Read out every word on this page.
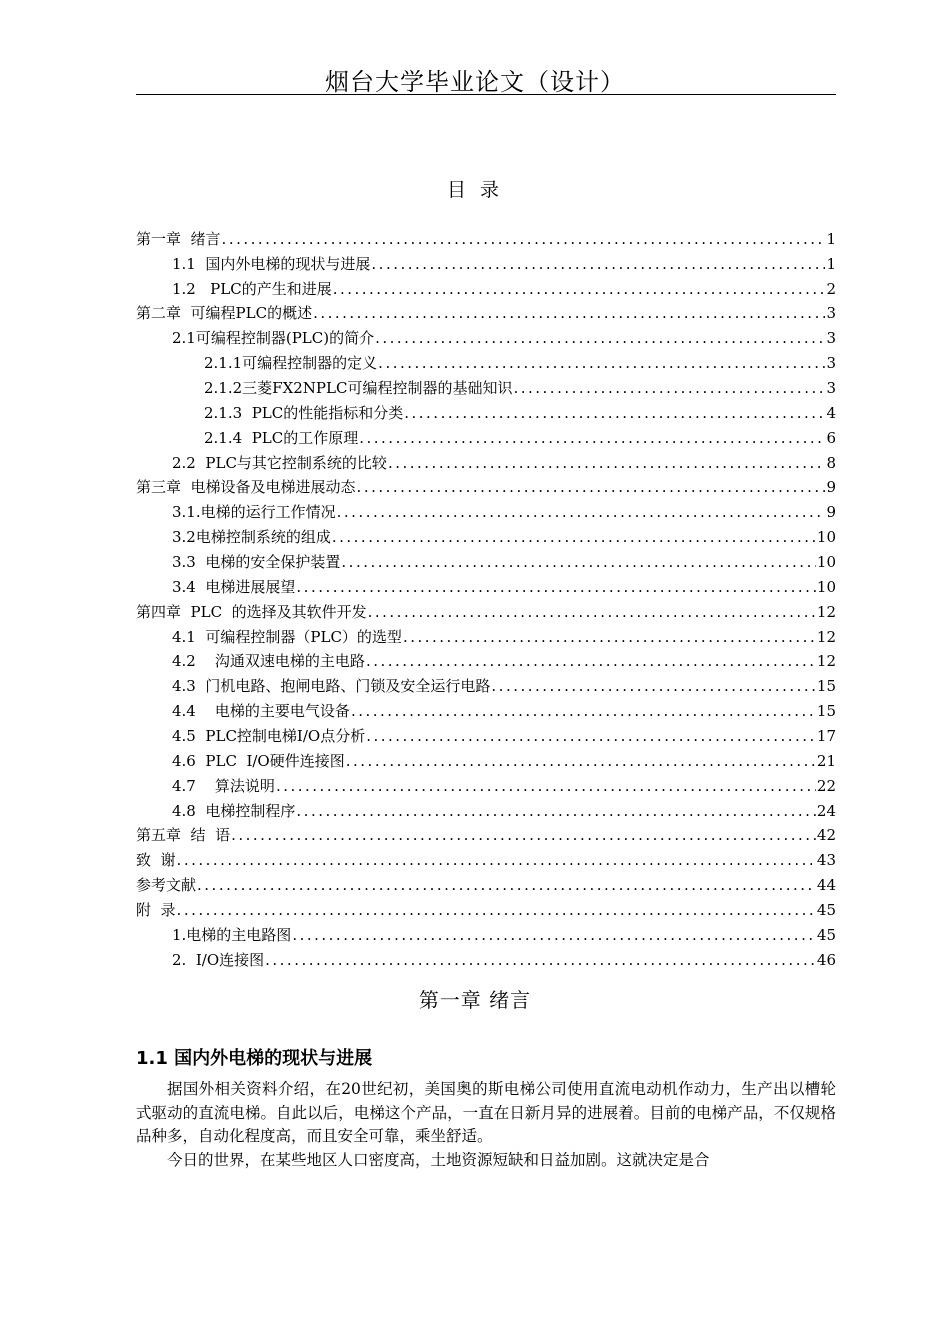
烟台大学毕业论文（设计）
目 录
第一章  绪言 .....	1
1.1  国内外电梯的现状与进展 .....	1
1.2   PLC的产生和进展 .....	2
第二章  可编程PLC的概述 .....	3
2.1可编程控制器(PLC)的简介 .....	3
2.1.1可编程控制器的定义 .....	3
2.1.2三菱FX2NPLC可编程控制器的基础知识 .....	3
2.1.3  PLC的性能指标和分类 .....	4
2.1.4  PLC的工作原理 .....	6
2.2  PLC与其它控制系统的比较 .....	8
第三章  电梯设备及电梯进展动态 .....	9
3.1.电梯的运行工作情况 .....	9
3.2电梯控制系统的组成 .....	10
3.3  电梯的安全保护装置 .....	10
3.4  电梯进展展望 .....	10
第四章  PLC  的选择及其软件开发 .....	12
4.1  可编程控制器（PLC）的选型 .....	12
4.2    沟通双速电梯的主电路 .....	12
4.3  门机电路、抱闸电路、门锁及安全运行电路 .....	15
4.4    电梯的主要电气设备 .....	15
4.5  PLC控制电梯I/O点分析 .....	17
4.6  PLC  I/O硬件连接图 .....	21
4.7    算法说明 .....	22
4.8  电梯控制程序 .....	24
第五章  结  语 .....	42
致  谢 .....	43
参考文献 .....	44
附  录 .....	45
1.电梯的主电路图 .....	45
2.  I/O连接图 .....	46
第一章 绪言
1.1 国内外电梯的现状与进展

据国外相关资料介绍，在20世纪初，美国奥的斯电梯公司使用直流电动机作动力，生产出以槽轮式驱动的直流电梯。自此以后，电梯这个产品，一直在日新月异的进展着。目前的电梯产品，不仅规格品种多，自动化程度高，而且安全可靠，乘坐舒适。

今日的世界，在某些地区人口密度高，土地资源短缺和日益加剧。这就决定是合
